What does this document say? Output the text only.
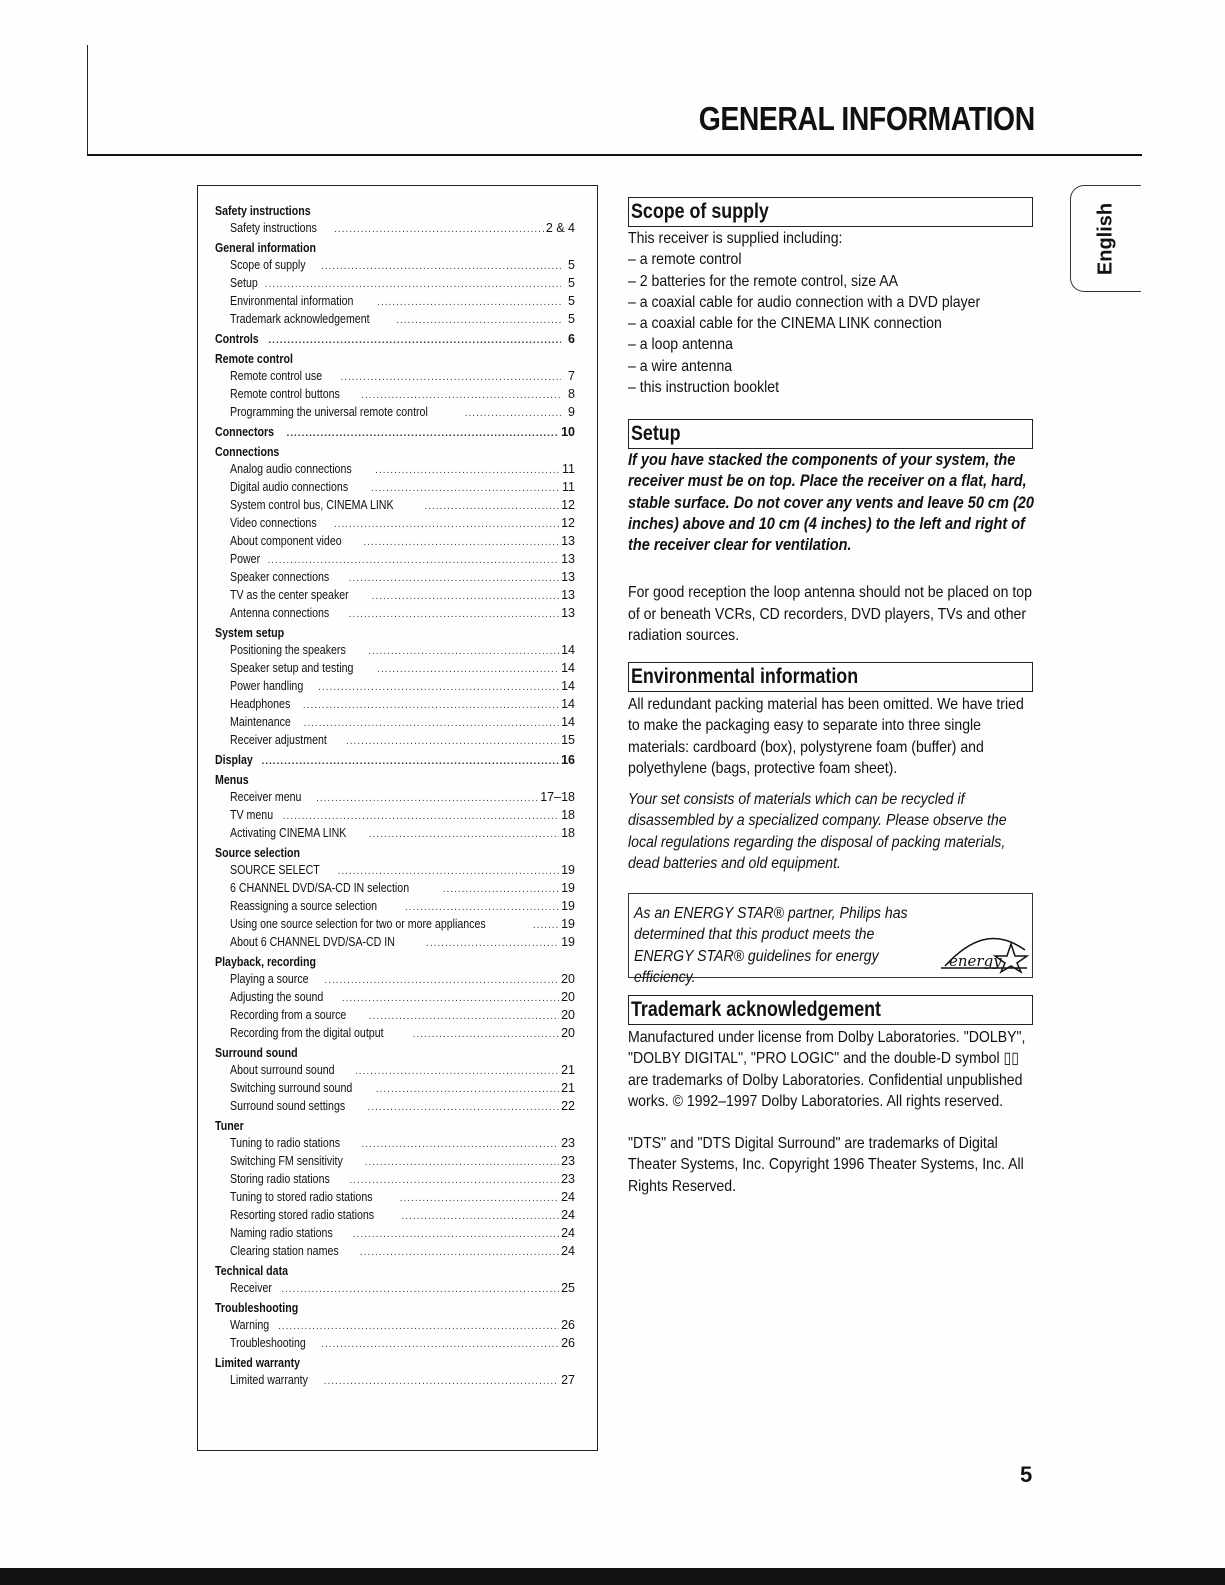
GENERAL INFORMATION
English
Safety instructions
Safety instructions .....	2 & 4
General information
Scope of supply .....	5
Setup .....	5
Environmental information .....	5
Trademark acknowledgement .....	5
Controls .....	6
Remote control
Remote control use .....	7
Remote control buttons .....	8
Programming the universal remote control .....	9
Connectors .....	10
Connections
Analog audio connections .....	11
Digital audio connections .....	11
System control bus, CINEMA LINK .....	12
Video connections .....	12
About component video .....	13
Power .....	13
Speaker connections .....	13
TV as the center speaker .....	13
Antenna connections .....	13
System setup
Positioning the speakers .....	14
Speaker setup and testing .....	14
Power handling .....	14
Headphones .....	14
Maintenance .....	14
Receiver adjustment .....	15
Display .....	16
Menus
Receiver menu .....	17–18
TV menu .....	18
Activating CINEMA LINK .....	18
Source selection
SOURCE SELECT .....	19
6 CHANNEL DVD/SA-CD IN selection .....	19
Reassigning a source selection .....	19
Using one source selection for two or more appliances .....	19
About 6 CHANNEL DVD/SA-CD IN .....	19
Playback, recording
Playing a source .....	20
Adjusting the sound .....	20
Recording from a source .....	20
Recording from the digital output .....	20
Surround sound
About surround sound .....	21
Switching surround sound .....	21
Surround sound settings .....	22
Tuner
Tuning to radio stations .....	23
Switching FM sensitivity .....	23
Storing radio stations .....	23
Tuning to stored radio stations .....	24
Resorting stored radio stations .....	24
Naming radio stations .....	24
Clearing station names .....	24
Technical data
Receiver .....	25
Troubleshooting
Warning .....	26
Troubleshooting .....	26
Limited warranty
Limited warranty .....	27
Scope of supply

This receiver is supplied including:

– a remote control
– 2 batteries for the remote control, size AA
– a coaxial cable for audio connection with a DVD player
– a coaxial cable for the CINEMA LINK connection
– a loop antenna
– a wire antenna
– this instruction booklet
Setup

If you have stacked the components of your system, the receiver must be on top. Place the receiver on a flat, hard, stable surface. Do not cover any vents and leave 50 cm (20 inches) above and 10 cm (4 inches) to the left and right of the receiver clear for ventilation.

For good reception the loop antenna should not be placed on top of or beneath VCRs, CD recorders, DVD players, TVs and other radiation sources.

Environmental information

All redundant packing material has been omitted. We have tried to make the packaging easy to separate into three single materials: cardboard (box), polystyrene foam (buffer) and polyethylene (bags, protective foam sheet).

Your set consists of materials which can be recycled if disassembled by a specialized company. Please observe the local regulations regarding the disposal of packing materials, dead batteries and old equipment.

As an ENERGY STAR® partner, Philips has determined that this product meets the ENERGY STAR® guidelines for energy efficiency.

energy
Trademark acknowledgement

Manufactured under license from Dolby Laboratories. "DOLBY", "DOLBY DIGITAL", "PRO LOGIC" and the double-D symbol ▯▯ are trademarks of Dolby Laboratories. Confidential unpublished works. © 1992–1997 Dolby Laboratories. All rights reserved.

"DTS" and "DTS Digital Surround" are trademarks of Digital Theater Systems, Inc. Copyright 1996 Theater Systems, Inc. All Rights Reserved.

5
